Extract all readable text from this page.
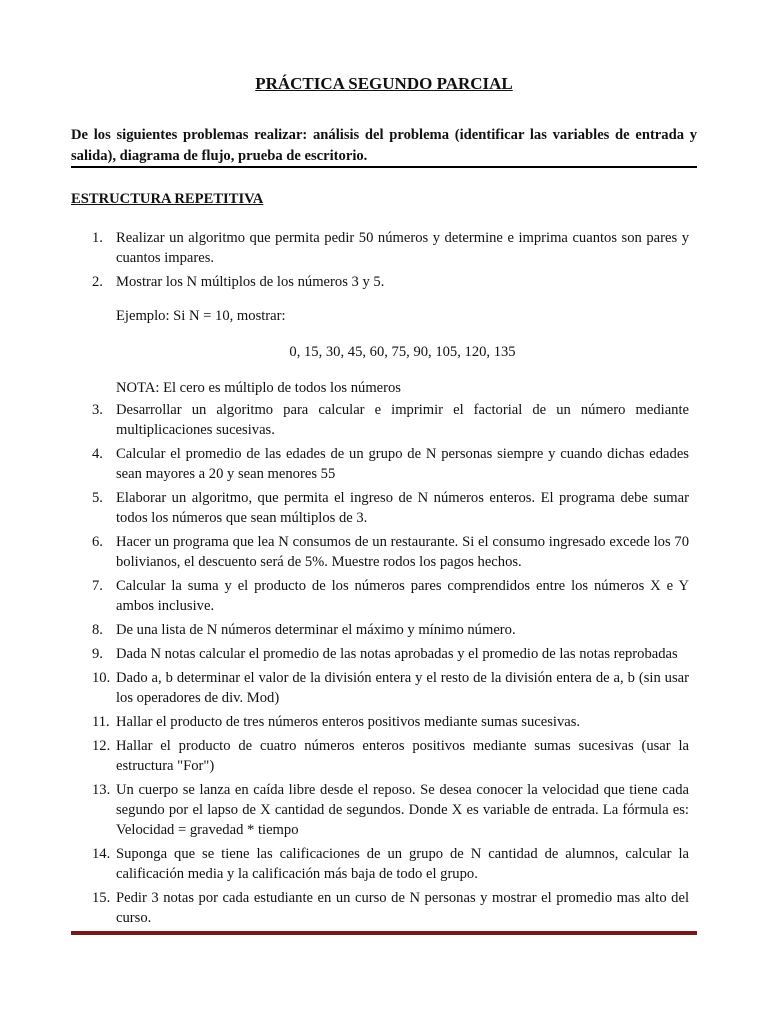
PRÁCTICA SEGUNDO PARCIAL
De los siguientes problemas realizar: análisis del problema (identificar las variables de entrada y salida), diagrama de flujo, prueba de escritorio.
ESTRUCTURA REPETITIVA
1. Realizar un algoritmo que permita pedir 50 números y determine e imprima cuantos son pares y cuantos impares.
2. Mostrar los N múltiplos de los números 3 y 5.
Ejemplo: Si N = 10, mostrar:
0, 15, 30, 45, 60, 75, 90, 105, 120, 135
NOTA: El cero es múltiplo de todos los números
3. Desarrollar un algoritmo para calcular e imprimir el factorial de un número mediante multiplicaciones sucesivas.
4. Calcular el promedio de las edades de un grupo de N personas siempre y cuando dichas edades sean mayores a 20 y sean menores 55
5. Elaborar un algoritmo, que permita el ingreso de N números enteros. El programa debe sumar todos los números que sean múltiplos de 3.
6. Hacer un programa que lea N consumos de un restaurante. Si el consumo ingresado excede los 70 bolivianos, el descuento será de 5%. Muestre rodos los pagos hechos.
7. Calcular la suma y el producto de los números pares comprendidos entre los números X e Y ambos inclusive.
8. De una lista de N números determinar el máximo y mínimo número.
9. Dada N notas calcular el promedio de las notas aprobadas y el promedio de las notas reprobadas
10. Dado a, b determinar el valor de la división entera y el resto de la división entera de a, b (sin usar los operadores de div. Mod)
11. Hallar el producto de tres números enteros positivos mediante sumas sucesivas.
12. Hallar el producto de cuatro números enteros positivos mediante sumas sucesivas (usar la estructura "For")
13. Un cuerpo se lanza en caída libre desde el reposo. Se desea conocer la velocidad que tiene cada segundo por el lapso de X cantidad de segundos. Donde X es variable de entrada. La fórmula es: Velocidad = gravedad * tiempo
14. Suponga que se tiene las calificaciones de un grupo de N cantidad de alumnos, calcular la calificación media y la calificación más baja de todo el grupo.
15. Pedir 3 notas por cada estudiante en un curso de N personas y mostrar el promedio mas alto del curso.
